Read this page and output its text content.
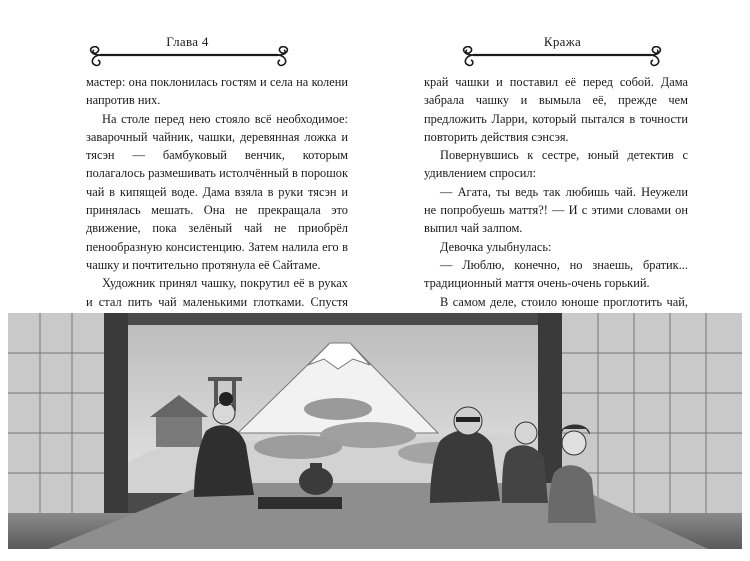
Глава 4

мастер: она поклонилась гостям и села на колени напротив них.

На столе перед нею стояло всё необходимое: заварочный чайник, чашки, деревянная ложка и тясэн — бамбуковый венчик, которым полагалось размешивать истолчённый в порошок чай в кипящей воде. Дама взяла в руки тясэн и принялась мешать. Она не прекращала это движение, пока зелёный чай не приобрёл пенообразную консистенцию. Затем налила его в чашку и почтительно протянула её Сайтаме.

Художник принял чашку, покрутил её в руках и стал пить чай маленькими глотками. Спустя

Кража

край чашки и поставил её перед собой. Дама забрала чашку и вымыла её, прежде чем предложить Ларри, который пытался в точности повторить действия сэнсэя.

Повернувшись к сестре, юный детектив с удивлением спросил:

— Агата, ты ведь так любишь чай. Неужели не попробуешь маття?! — И с этими словами он выпил чай залпом.

Девочка улыбнулась:

— Люблю, конечно, но знаешь, братик... традиционный маття очень-очень горький.

В самом деле, стоило юноше проглотить чай,
